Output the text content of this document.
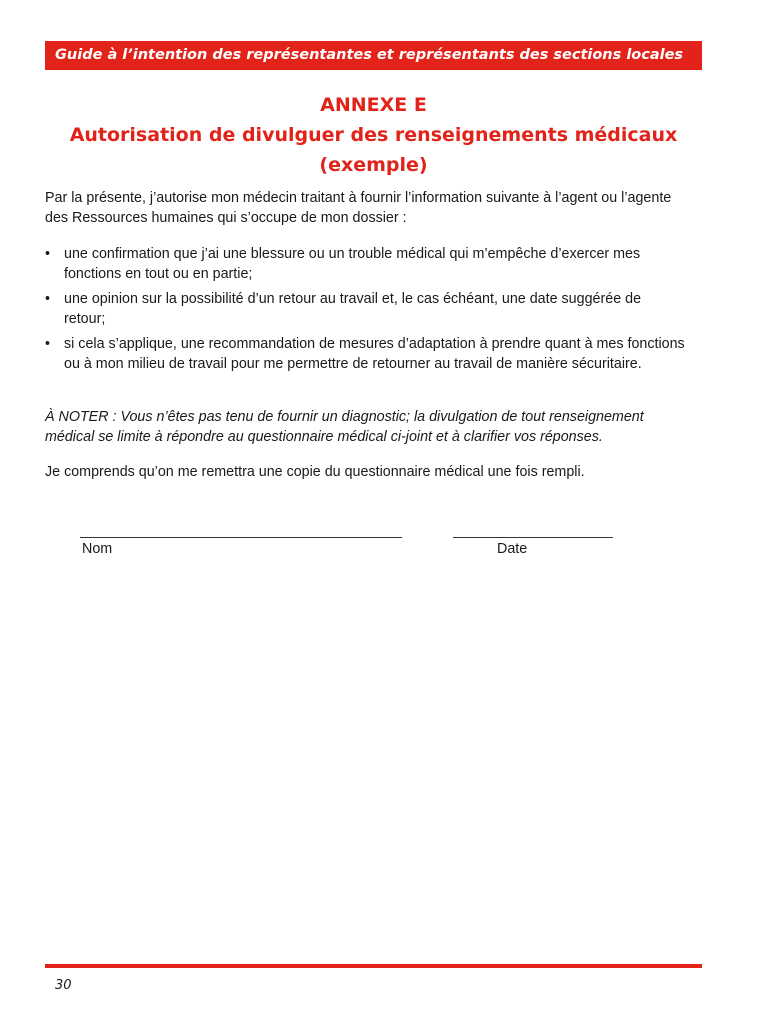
Guide à l’intention des représentantes et représentants des sections locales
ANNEXE E
Autorisation de divulguer des renseignements médicaux
(exemple)
Par la présente, j’autorise mon médecin traitant à fournir l’information suivante à l’agent ou l’agente des Ressources humaines qui s’occupe de mon dossier :
• une confirmation que j’ai une blessure ou un trouble médical qui m’empêche d’exercer mes fonctions en tout ou en partie;
• une opinion sur la possibilité d’un retour au travail et, le cas échéant, une date suggérée de retour;
• si cela s’applique, une recommandation de mesures d’adaptation à prendre quant à mes fonctions ou à mon milieu de travail pour me permettre de retourner au travail de manière sécuritaire.
À NOTER : Vous n’êtes pas tenu de fournir un diagnostic; la divulgation de tout renseignement médical se limite à répondre au questionnaire médical ci-joint et à clarifier vos réponses.
Je comprends qu’on me remettra une copie du questionnaire médical une fois rempli.
Nom	Date
30
